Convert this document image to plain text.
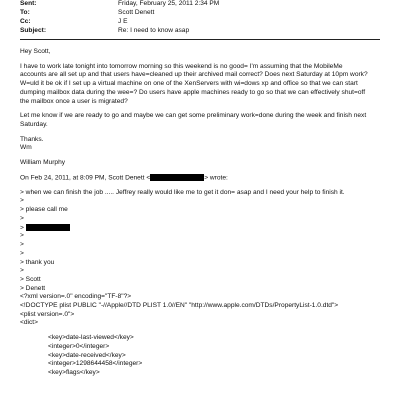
Sent:	Friday, February 25, 2011 2:34 PM
To:	Scott Denett
Cc:	J E
Subject:	Re: I need to know asap
Hey Scott,
I have to work late tonight into tomorrow morning so this weekend is no good= I'm assuming that the MobileMe
accounts are all set up and that users have=cleaned up their archived mail correct? Does next Saturday at 10pm work?
W=uld it be ok if I set up a virtual machine on one of the XenServers with wi=dows xp and office so that we can start
dumping mailbox data during the wee=? Do users have apple machines ready to go so that we can effectively shut=off
the mailbox once a user is migrated?
Let me know if we are ready to go and maybe we can get some preliminary work=done during the week and finish next
Saturday.
Thanks.
Wm
William Murphy
On Feb 24, 2011, at 8:09 PM, Scott Denett <	> wrote:
> when we can finish the job ..... Jeffrey really would like me to get it don= asap and I need your help to finish it.
>
> please call me
>
>
>
>
>
> thank you
>
> Scott
> Denett
<?xml version=.0" encoding="TF-8"?>
<!DOCTYPE plist PUBLIC "-//Apple//DTD PLIST 1.0//EN" "http://www.apple.com/DTDs/PropertyList-1.0.dtd">
<plist version=.0">
<dict>
<key>date-last-viewed</key>
<integer>0</integer>
<key>date-received</key>
<integer>1298644458</integer>
<key>flags</key>
